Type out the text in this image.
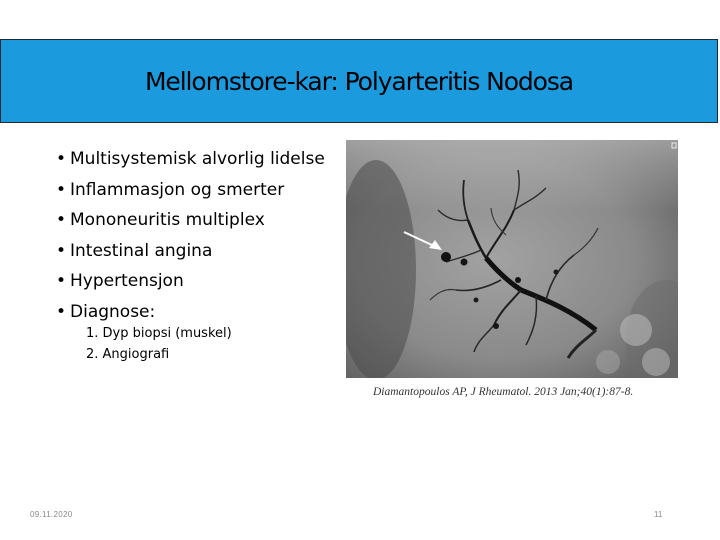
Mellomstore-kar: Polyarteritis Nodosa
• Multisystemisk alvorlig lidelse
• Inflammasjon og smerter
• Mononeuritis multiplex
• Intestinal angina
• Hypertensjon
• Diagnose:
1. Dyp biopsi (muskel)
2. Angiografi
Diamantopoulos AP, J Rheumatol. 2013 Jan;40(1):87-8.
09.11.2020	11
